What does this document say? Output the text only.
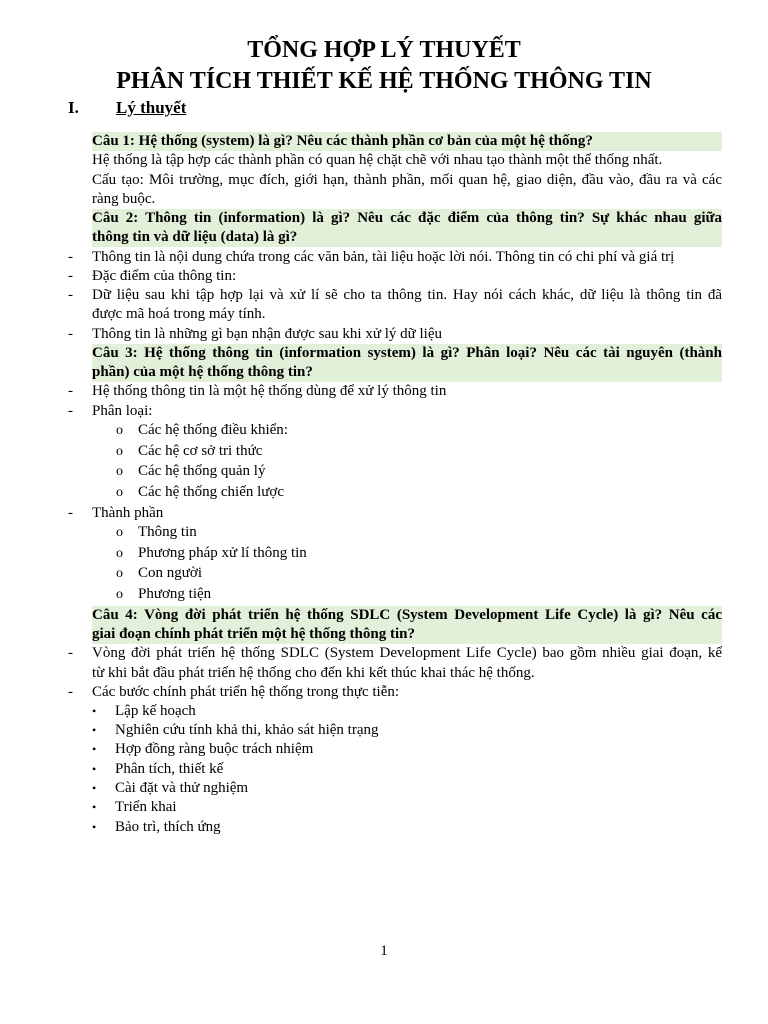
TỔNG HỢP LÝ THUYẾT
PHÂN TÍCH THIẾT KẾ HỆ THỐNG THÔNG TIN
I. Lý thuyết
Câu 1: Hệ thống (system) là gì? Nêu các thành phần cơ bản của một hệ thống?
Hệ thống là tập hợp các thành phần có quan hệ chặt chẽ với nhau tạo thành một thể thống nhất.
Cấu tạo: Môi trường, mục đích, giới hạn, thành phần, mối quan hệ, giao diện, đầu vào, đầu ra và các
ràng buộc.
Câu 2: Thông tin (information) là gì? Nêu các đặc điểm của thông tin? Sự khác nhau giữa
thông tin và dữ liệu (data) là gì?
- Thông tin là nội dung chứa trong các văn bản, tài liệu hoặc lời nói. Thông tin có chi phí và giá trị
- Đặc điểm của thông tin:
- Dữ liệu sau khi tập hợp lại và xử lí sẽ cho ta thông tin. Hay nói cách khác, dữ liệu là thông tin đã
được mã hoá trong máy tính.
- Thông tin là những gì bạn nhận được sau khi xử lý dữ liệu
Câu 3: Hệ thống thông tin (information system) là gì? Phân loại? Nêu các tài nguyên (thành
phần) của một hệ thống thông tin?
- Hệ thống thông tin là một hệ thống dùng để xử lý thông tin
- Phân loại:
o Các hệ thống điều khiển:
o Các hệ cơ sở tri thức
o Các hệ thống quản lý
o Các hệ thống chiến lược
- Thành phần
o Thông tin
o Phương pháp xử lí thông tin
o Con người
o Phương tiện
Câu 4: Vòng đời phát triển hệ thống SDLC (System Development Life Cycle) là gì? Nêu các
giai đoạn chính phát triển một hệ thống thông tin?
- Vòng đời phát triển hệ thống SDLC (System Development Life Cycle) bao gồm nhiều giai đoạn, kể
từ khi bắt đầu phát triển hệ thống cho đến khi kết thúc khai thác hệ thống.
- Các bước chính phát triển hệ thống trong thực tiễn:
• Lập kế hoạch
• Nghiên cứu tính khả thi, khảo sát hiện trạng
• Hợp đồng ràng buộc trách nhiệm
• Phân tích, thiết kế
• Cài đặt và thử nghiệm
• Triển khai
• Bảo trì, thích ứng
1
